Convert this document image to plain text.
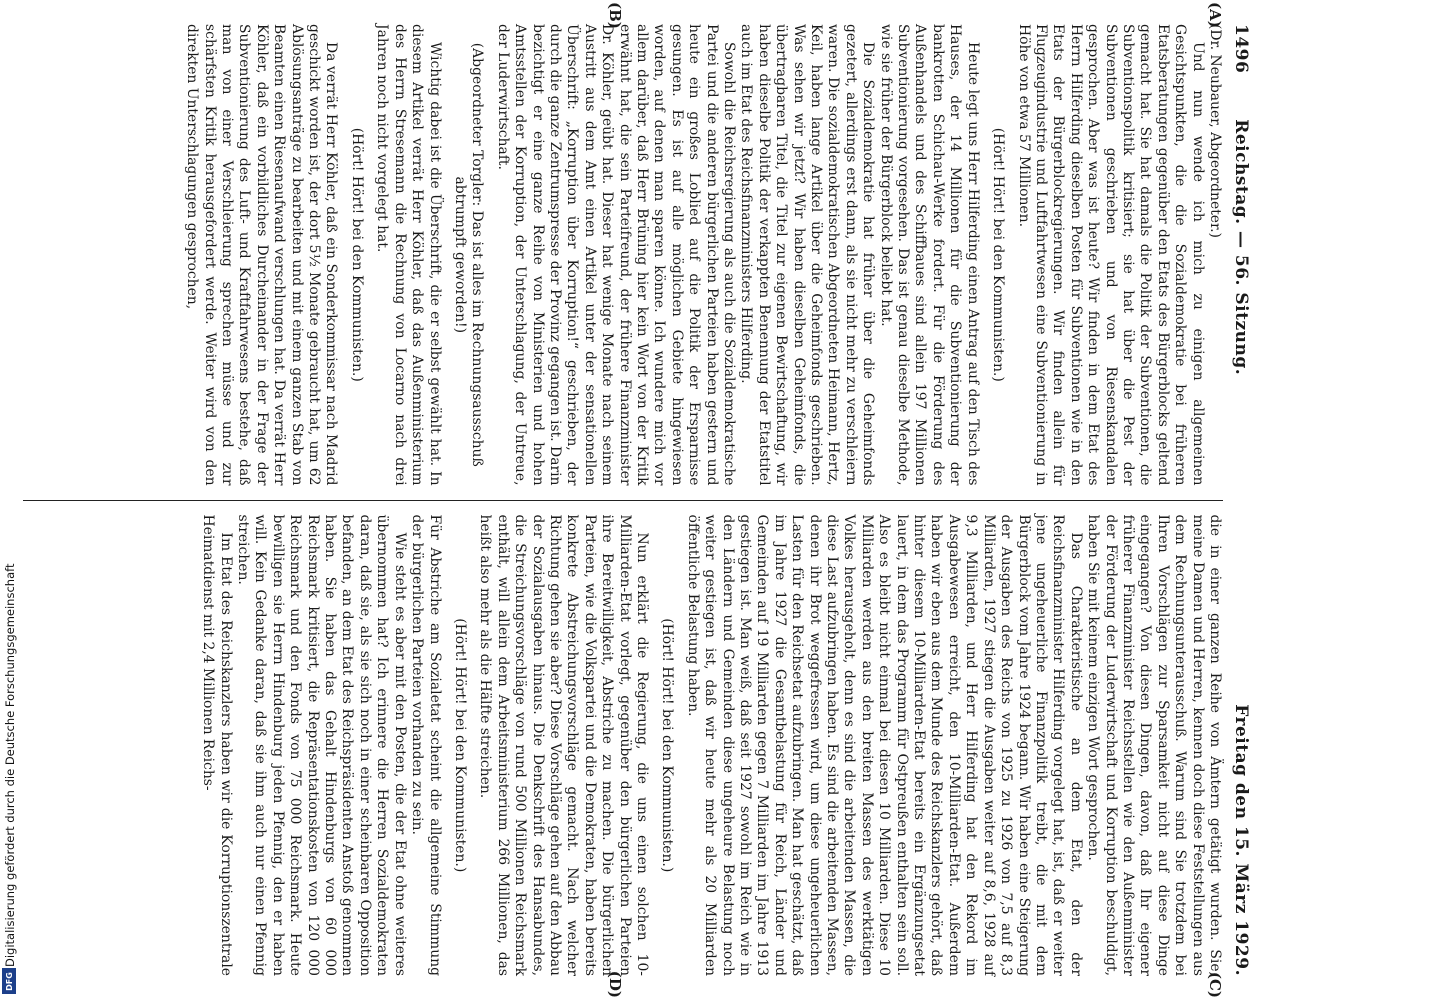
1496
Reichstag. — 56. Sitzung.
Freitag den 15. März 1929.
(A)
(B)

(Dr. Neubauer, Abgeordneter.)

Und nun wende ich mich zu einigen allgemeinen Gesichtspunkten, die die Sozialdemokratie bei früheren Etatsberatungen gegenüber den Etats des Bürgerblocks geltend gemacht hat. Sie hat damals die Politik der Subventionen, die Subventionspolitik kritisiert; sie hat über die Pest der Subventionen geschrieben und von Riesenskandalen gesprochen. Aber was ist heute? Wir finden in dem Etat des Herrn Hilferding dieselben Posten für Subventionen wie in den Etats der Bürgerblockregierungen. Wir finden allein für Flugzeugindustrie und Luftfahrtwesen eine Subventionierung in Höhe von etwa 57 Millionen.

(Hört! Hört! bei den Kommunisten.)

Heute legt uns Herr Hilferding einen Antrag auf den Tisch des Hauses, der 14 Millionen für die Subventionierung der bankrotten Schichau-Werke fordert. Für die Förderung des Außenhandels und des Schiffbaues sind allein 197 Millionen Subventionierung vorgesehen. Das ist genau dieselbe Methode, wie sie früher der Bürgerblock beliebt hat.

Die Sozialdemokratie hat früher über die Geheimfonds gezetert, allerdings erst dann, als sie nicht mehr zu verschleiern waren. Die sozialdemokratischen Abgeordneten Heimann, Hertz, Keil, haben lange Artikel über die Geheimfonds geschrieben. Was sehen wir jetzt? Wir haben dieselben Geheimfonds, die übertragbaren Titel, die Titel zur eigenen Bewirtschaftung, wir haben dieselbe Politik der verkappten Benennung der Etatstitel auch im Etat des Reichsfinanzministers Hilferding.

Sowohl die Reichsregierung als auch die Sozialdemokratische Partei und die anderen bürgerlichen Parteien haben gestern und heute ein großes Loblied auf die Politik der Ersparnisse gesungen. Es ist auf alle möglichen Gebiete hingewiesen worden, auf denen man sparen könne. Ich wundere mich vor allem darüber, daß Herr Brüning hier kein Wort von der Kritik erwähnt hat, die sein Parteifreund, der frühere Finanzminister Dr. Köhler, geübt hat. Dieser hat wenige Monate nach seinem Austritt aus dem Amt einen Artikel unter der sensationellen Überschrift: „Korruption über Korruption!“ geschrieben, der durch die ganze Zentrumspresse der Provinz gegangen ist. Darin bezichtigt er eine ganze Reihe von Ministerien und hohen Amtsstellen der Korruption, der Unterschlagung, der Untreue, der Luderwirtschaft.

(Abgeordneter Torgler: Das ist alles im Rechnungsausschuß abtrumpft geworden!)

Wichtig dabei ist die Überschrift, die er selbst gewählt hat. In diesem Artikel verrät Herr Köhler, daß das Außenministerium des Herrn Stresemann die Rechnung von Locarno nach drei Jahren noch nicht vorgelegt hat.

(Hört! Hört! bei den Kommunisten.)

Da verrät Herr Köhler, daß ein Sonderkommissar nach Madrid geschickt worden ist, der dort 5½ Monate gebraucht hat, um 62 Ablösungsanträge zu bearbeiten und mit einem ganzen Stab von Beamten einen Riesenaufwand verschlungen hat. Da verrät Herr Köhler, daß ein vorbildliches Durcheinander in der Frage der Subventionierung des Luft- und Kraftfahrwesens bestehe, daß man von einer Verschleierung sprechen müsse und zur schärfsten Kritik herausgefordert werde. Weiter wird von den direkten Unterschlagungen gesprochen,

(C)
(D)

die in einer ganzen Reihe von Ämtern getätigt wurden. Sie, meine Damen und Herren, kennen doch diese Feststellungen aus dem Rechnungsunterausschuß. Warum sind Sie trotzdem bei Ihren Vorschlägen zur Sparsamkeit nicht auf diese Dinge eingegangen? Von diesen Dingen, davon, daß Ihr eigener früherer Finanzminister Reichsstellen wie den Außenminister der Förderung der Luderwirtschaft und Korruption beschuldigt, haben Sie mit keinem einzigen Wort gesprochen.

Das Charakteristische an dem Etat, den der Reichsfinanzminister Hilferding vorgelegt hat, ist, daß er weiter jene ungeheuerliche Finanzpolitik treibt, die mit dem Bürgerblock vom Jahre 1924 begann. Wir haben eine Steigerung der Ausgaben des Reichs von 1925 zu 1926 von 7,5 auf 8,3 Milliarden, 1927 stiegen die Ausgaben weiter auf 8,6, 1928 auf 9,3 Milliarden, und Herr Hilferding hat den Rekord im Ausgabewesen erreicht, den 10-Milliarden-Etat. Außerdem haben wir eben aus dem Munde des Reichskanzlers gehört, daß hinter diesem 10-Milliarden-Etat bereits ein Ergänzungsetat lauert, in dem das Programm für Ostpreußen enthalten sein soll. Also es bleibt nicht einmal bei diesen 10 Milliarden. Diese 10 Milliarden werden aus den breiten Massen des werktätigen Volkes herausgeholt, denn es sind die arbeitenden Massen, die diese Last aufzubringen haben. Es sind die arbeitenden Massen, denen ihr Brot weggefressen wird, um diese ungeheuerlichen Lasten für den Reichsetat aufzubringen. Man hat geschätzt, daß im Jahre 1927 die Gesamtbelastung für Reich, Länder und Gemeinden auf 19 Milliarden gegen 7 Milliarden im Jahre 1913 gestiegen ist. Man weiß, daß seit 1927 sowohl im Reich wie in den Ländern und Gemeinden diese ungeheure Belastung noch weiter gestiegen ist, daß wir heute mehr als 20 Milliarden öffentliche Belastung haben.

(Hört! Hört! bei den Kommunisten.)

Nun erklärt die Regierung, die uns einen solchen 10-Milliarden-Etat vorlegt, gegenüber den bürgerlichen Parteien ihre Bereitwilligkeit, Abstriche zu machen. Die bürgerlichen Parteien, wie die Volkspartei und die Demokraten, haben bereits konkrete Abstreichungsvorschläge gemacht. Nach welcher Richtung gehen sie aber? Diese Vorschläge gehen auf den Abbau der Sozialausgaben hinaus. Die Denkschrift des Hansabundes, die Streichungsvorschläge von rund 500 Millionen Reichsmark enthält, will allein dem Arbeitsministerium 266 Millionen, das heißt also mehr als die Hälfte streichen.

(Hört! Hört! bei den Kommunisten.)

Für Abstriche am Sozialetat scheint die allgemeine Stimmung der bürgerlichen Parteien vorhanden zu sein.

Wie steht es aber mit den Posten, die der Etat ohne weiteres übernommen hat? Ich erinnere die Herren Sozialdemokraten daran, daß sie, als sie sich noch in einer scheinbaren Opposition befanden, an dem Etat des Reichspräsidenten Anstoß genommen haben. Sie haben das Gehalt Hindenburgs von 60 000 Reichsmark kritisiert, die Repräsentationskosten von 120 000 Reichsmark und den Fonds von 75 000 Reichsmark. Heute bewilligen sie Herrn Hindenburg jeden Pfennig, den er haben will. Kein Gedanke daran, daß sie ihm auch nur einen Pfennig streichen.

Im Etat des Reichskanzlers haben wir die Korruptionszentrale Heimatdienst mit 2,4 Millionen Reichs-

Digitalisierung gefördert durch die Deutsche Forschungsgemeinschaft
DFG
